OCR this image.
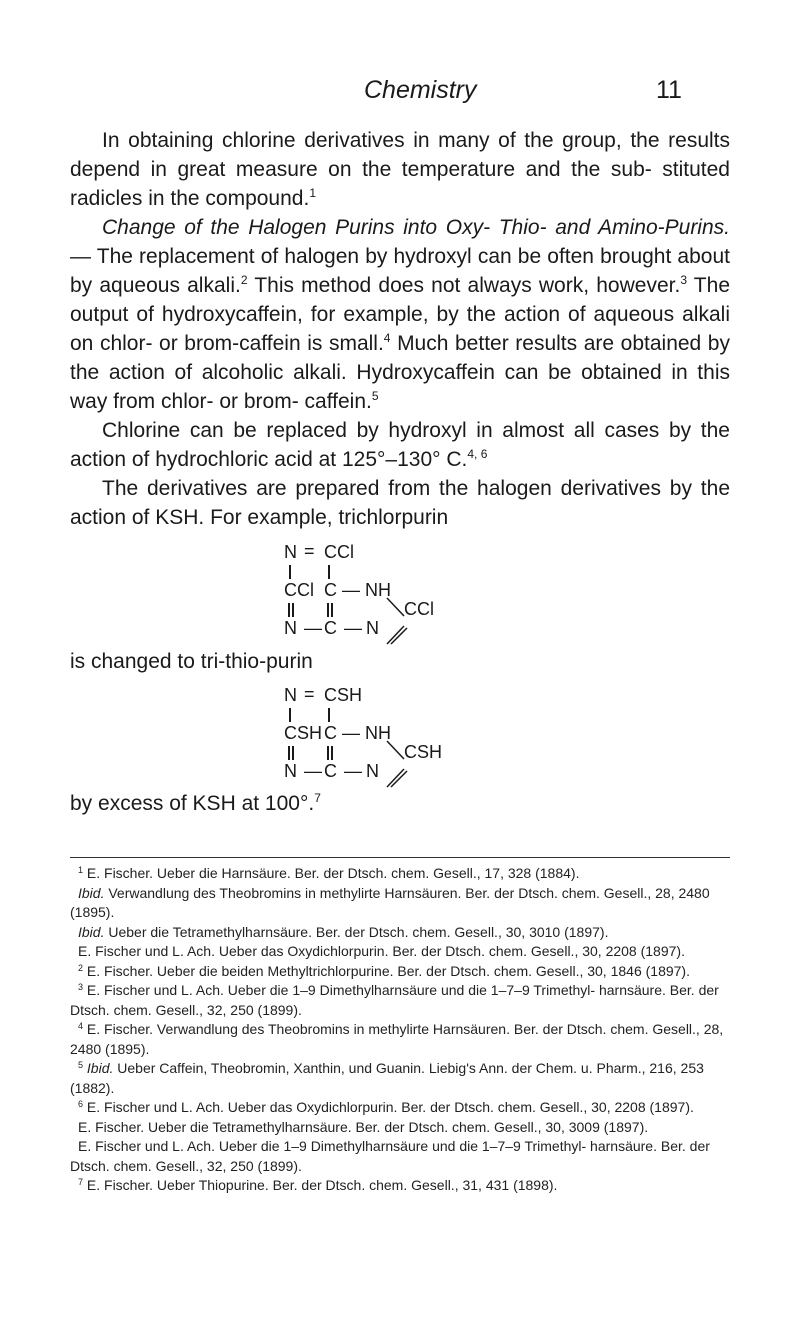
Chemistry	11

In obtaining chlorine derivatives in many of the group, the results depend in great measure on the temperature and the sub- stituted radicles in the compound.$^1$

Change of the Halogen Purins into Oxy- Thio- and Amino-Purins. — The replacement of halogen by hydroxyl can be often brought about by aqueous alkali.$^2$ This method does not always work, however.$^3$ The output of hydroxycaffein, for example, by the action of aqueous alkali on chlor- or brom-caffein is small.$^4$ Much better results are obtained by the action of alcoholic alkali. Hydroxycaffein can be obtained in this way from chlor- or brom- caffein.$^5$

Chlorine can be replaced by hydroxyl in almost all cases by the action of hydrochloric acid at 125°–130° C.$^{4, 6}$

The derivatives are prepared from the halogen derivatives by the action of KSH. For example, trichlorpurin

N = CCl
CCl C — NH
CCl
N — C — N

is changed to tri-thio-purin

N = CSH
CSH C — NH
CSH
N — C — N

by excess of KSH at 100°.$^7$

$^1$ E. Fischer. Ueber die Harnsäure. Ber. der Dtsch. chem. Gesell., 17, 328 (1884).

Ibid. Verwandlung des Theobromins in methylirte Harnsäuren. Ber. der Dtsch. chem. Gesell., 28, 2480 (1895).

Ibid. Ueber die Tetramethylharnsäure. Ber. der Dtsch. chem. Gesell., 30, 3010 (1897).

E. Fischer und L. Ach. Ueber das Oxydichlorpurin. Ber. der Dtsch. chem. Gesell., 30, 2208 (1897).

$^2$ E. Fischer. Ueber die beiden Methyltrichlorpurine. Ber. der Dtsch. chem. Gesell., 30, 1846 (1897).

$^3$ E. Fischer und L. Ach. Ueber die 1–9 Dimethylharnsäure und die 1–7–9 Trimethyl- harnsäure. Ber. der Dtsch. chem. Gesell., 32, 250 (1899).

$^4$ E. Fischer. Verwandlung des Theobromins in methylirte Harnsäuren. Ber. der Dtsch. chem. Gesell., 28, 2480 (1895).

$^5$ Ibid. Ueber Caffein, Theobromin, Xanthin, und Guanin. Liebig's Ann. der Chem. u. Pharm., 216, 253 (1882).

$^6$ E. Fischer und L. Ach. Ueber das Oxydichlorpurin. Ber. der Dtsch. chem. Gesell., 30, 2208 (1897).

E. Fischer. Ueber die Tetramethylharnsäure. Ber. der Dtsch. chem. Gesell., 30, 3009 (1897).

E. Fischer und L. Ach. Ueber die 1–9 Dimethylharnsäure und die 1–7–9 Trimethyl- harnsäure. Ber. der Dtsch. chem. Gesell., 32, 250 (1899).

$^7$ E. Fischer. Ueber Thiopurine. Ber. der Dtsch. chem. Gesell., 31, 431 (1898).
